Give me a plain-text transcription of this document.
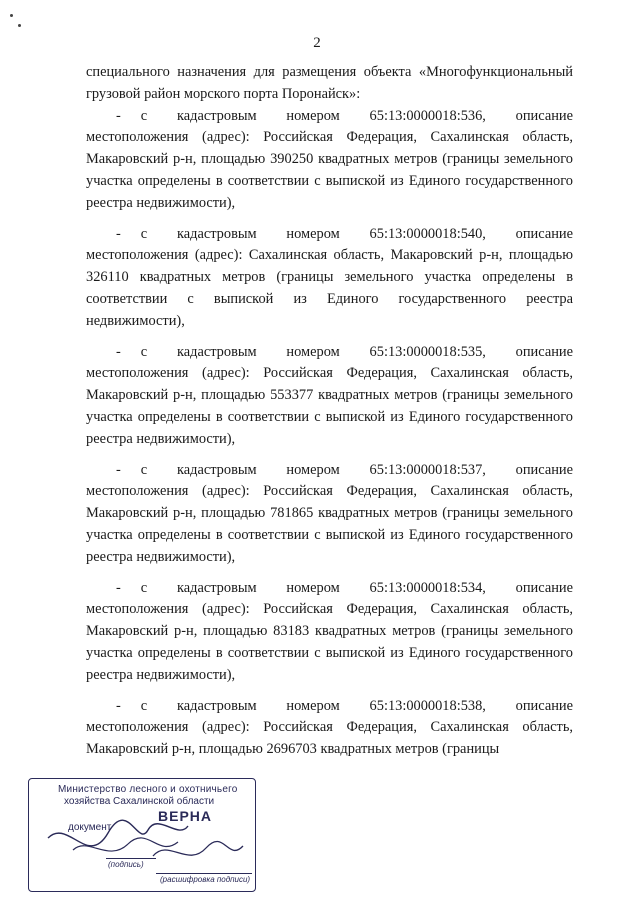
2

специального назначения для размещения объекта «Многофункциональный грузовой район морского порта Поронайск»:

- с кадастровым номером 65:13:0000018:536, описание
местоположения (адрес): Российская Федерация, Сахалинская область, Макаровский р-н, площадью 390250 квадратных метров (границы земельного участка определены в соответствии с выпиской из Единого государственного реестра недвижимости),
- с кадастровым номером 65:13:0000018:540, описание
местоположения (адрес): Сахалинская область, Макаровский р-н, площадью 326110 квадратных метров (границы земельного участка определены в соответствии с выпиской из Единого государственного реестра недвижимости),
- с кадастровым номером 65:13:0000018:535, описание
местоположения (адрес): Российская Федерация, Сахалинская область, Макаровский р-н, площадью 553377 квадратных метров (границы земельного участка определены в соответствии с выпиской из Единого государственного реестра недвижимости),
- с кадастровым номером 65:13:0000018:537, описание
местоположения (адрес): Российская Федерация, Сахалинская область, Макаровский р-н, площадью 781865 квадратных метров (границы земельного участка определены в соответствии с выпиской из Единого государственного реестра недвижимости),
- с кадастровым номером 65:13:0000018:534, описание
местоположения (адрес): Российская Федерация, Сахалинская область, Макаровский р-н, площадью 83183 квадратных метров (границы земельного участка определены в соответствии с выпиской из Единого государственного реестра недвижимости),
- с кадастровым номером 65:13:0000018:538, описание
местоположения (адрес): Российская Федерация, Сахалинская область, Макаровский р-н, площадью 2696703 квадратных метров (границы
Министерство лесного и охотничьего
хозяйства Сахалинской области
ВЕРНА
документ
(подпись)
(расшифровка подписи)
